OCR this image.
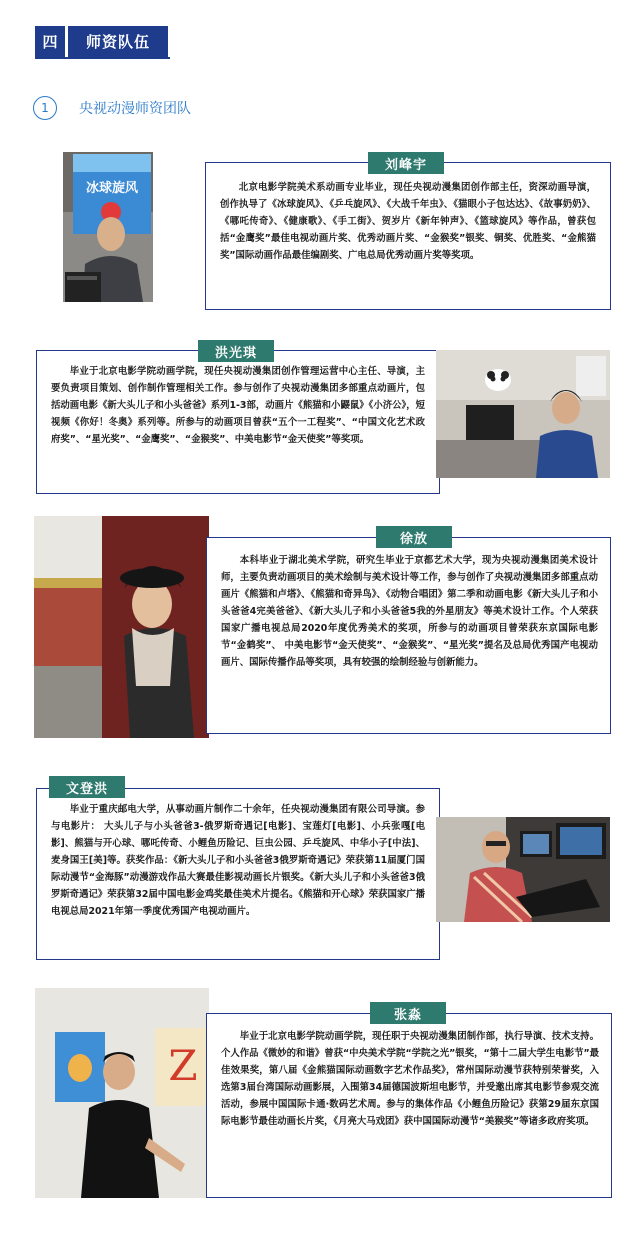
四	师资队伍
1	央视动漫师资团队
冰球旋风	北京电影学院美术系动画专业毕业，现任央视动漫集团创作部主任，资深动画导演， 创作执导了《冰球旋风》、《乒乓旋风》、《大战千年虫》、《猫眼小子包达达》、《故事奶奶》、《哪吒传奇》、《健康歌》、《手工街》、贺岁片《新年钟声》、《篮球旋风》等作品，曾获包括“金鹰奖”最佳电视动画片奖、优秀动画片奖、“金猴奖”银奖、铜奖、优胜奖、“金熊猫奖”国际动画作品最佳编剧奖、广电总局优秀动画片奖等奖项。

刘峰宇

毕业于北京电影学院动画学院，现任央视动漫集团创作管理运营中心主任、导演，主要负责项目策划、创作制作管理相关工作。参与创作了央视动漫集团多部重点动画片，包括动画电影《新大头儿子和小头爸爸》系列1-3部，动画片《熊猫和小鼹鼠》《小济公》，短视频《你好！冬奥》系列等。所参与的动画项目曾获“五个一工程奖”、“中国文化艺术政府奖”、“星光奖”、“金鹰奖”、“金猴奖”、中美电影节“金天使奖”等奖项。

洪光琪

本科毕业于湖北美术学院，研究生毕业于京都艺术大学，现为央视动漫集团美术设计师，主要负责动画项目的美术绘制与美术设计等工作，参与创作了央视动漫集团多部重点动画片《熊猫和卢塔》、《熊猫和奇异鸟》、《动物合唱团》第二季和动画电影《新大头儿子和小头爸爸4完美爸爸》、《新大头儿子和小头爸爸5我的外星朋友》等美术设计工作。个人荣获国家广播电视总局2020年度优秀美术的奖项，所参与的动画项目曾荣获东京国际电影节“金鹤奖”、 中美电影节“金天使奖”、“金猴奖”、“星光奖”提名及总局优秀国产电视动画片、国际传播作品等奖项，具有较强的绘制经验与创新能力。

徐放

毕业于重庆邮电大学，从事动画片制作二十余年，任央视动漫集团有限公司导演。参与电影片： 大头儿子与小头爸爸3-俄罗斯奇遇记[电影]、宝莲灯[电影]、小兵张嘎[电影]、熊猫与开心球、哪吒传奇、小鲤鱼历险记、巨虫公园、乒乓旋风、中华小子[中法]、麦身国王[美]等。获奖作品：《新大头儿子和小头爸爸3俄罗斯奇遇记》荣获第11届厦门国际动漫节“金海豚”动漫游戏作品大赛最佳影视动画长片银奖。《新大头儿子和小头爸爸3俄罗斯奇遇记》荣获第32届中国电影金鸡奖最佳美术片提名。《熊猫和开心球》荣获国家广播电视总局2021年第一季度优秀国产电视动画片。

文登洪
Z

毕业于北京电影学院动画学院，现任职于央视动漫集团制作部，执行导演、技术支持。个人作品《微妙的和谐》曾获“中央美术学院“学院之光”银奖，“第十二届大学生电影节”最佳效果奖，第八届《金熊猫国际动画数字艺术作品奖》，常州国际动漫节获特别荣誉奖，入选第3届台湾国际动画影展，入围第34届德国波斯坦电影节，并受邀出席其电影节参观交流活动，参展中国国际卡通·数码艺术周。参与的集体作品《小鲤鱼历险记》获第29届东京国际电影节最佳动画长片奖，《月亮大马戏团》获中国国际动漫节“美猴奖”等诸多政府奖项。

张淼
